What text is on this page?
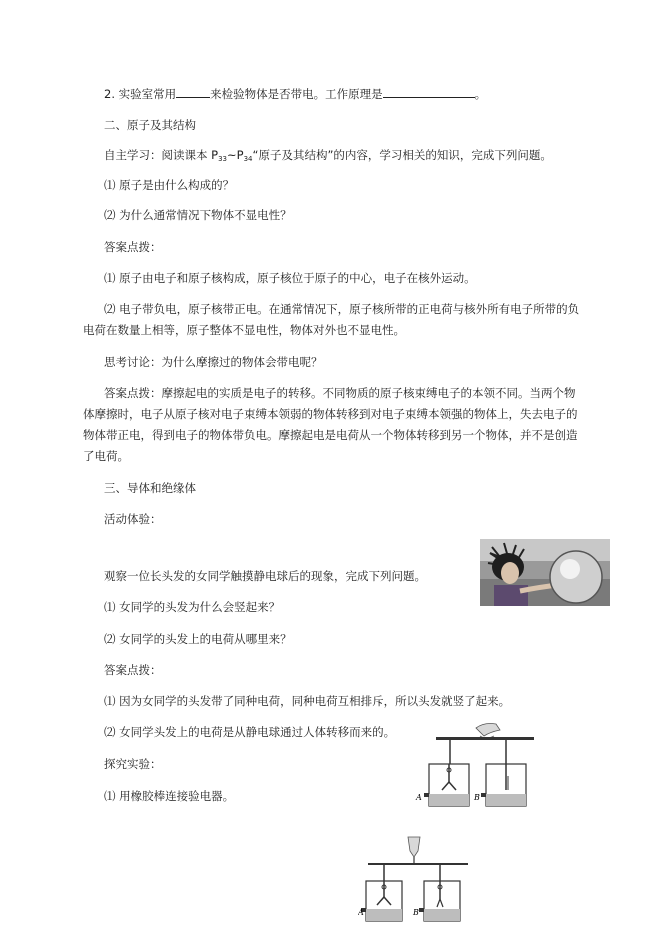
2. 实验室常用	来检验物体是否带电。工作原理是	。
二、原子及其结构
自主学习：阅读课本 $P_{33}\sim P_{34}“$原子及其结构”的内容，学习相关的知识，完成下列问题。
⑴ 原子是由什么构成的？
⑵ 为什么通常情况下物体不显电性？
答案点拨：
⑴ 原子由电子和原子核构成，原子核位于原子的中心，电子在核外运动。
⑵ 电子带负电，原子核带正电。在通常情况下，原子核所带的正电荷与核外所有电子所带的负
电荷在数量上相等，原子整体不显电性，物体对外也不显电性。
思考讨论：为什么摩擦过的物体会带电呢？
答案点拨：摩擦起电的实质是电子的转移。不同物质的原子核束缚电子的本领不同。当两个物
体摩擦时，电子从原子核对电子束缚本领弱的物体转移到对电子束缚本领强的物体上，失去电子的
物体带正电，得到电子的物体带负电。摩擦起电是电荷从一个物体转移到另一个物体，并不是创造
了电荷。
三、导体和绝缘体
活动体验：
观察一位长头发的女同学触摸静电球后的现象，完成下列问题。
⑴ 女同学的头发为什么会竖起来？
⑵ 女同学的头发上的电荷从哪里来？
答案点拨：
⑴ 因为女同学的头发带了同种电荷，同种电荷互相排斥，所以头发就竖了起来。
⑵ 女同学头发上的电荷是从静电球通过人体转移而来的。
探究实验：
⑴ 用橡胶棒连接验电器。	A	B
A	B
